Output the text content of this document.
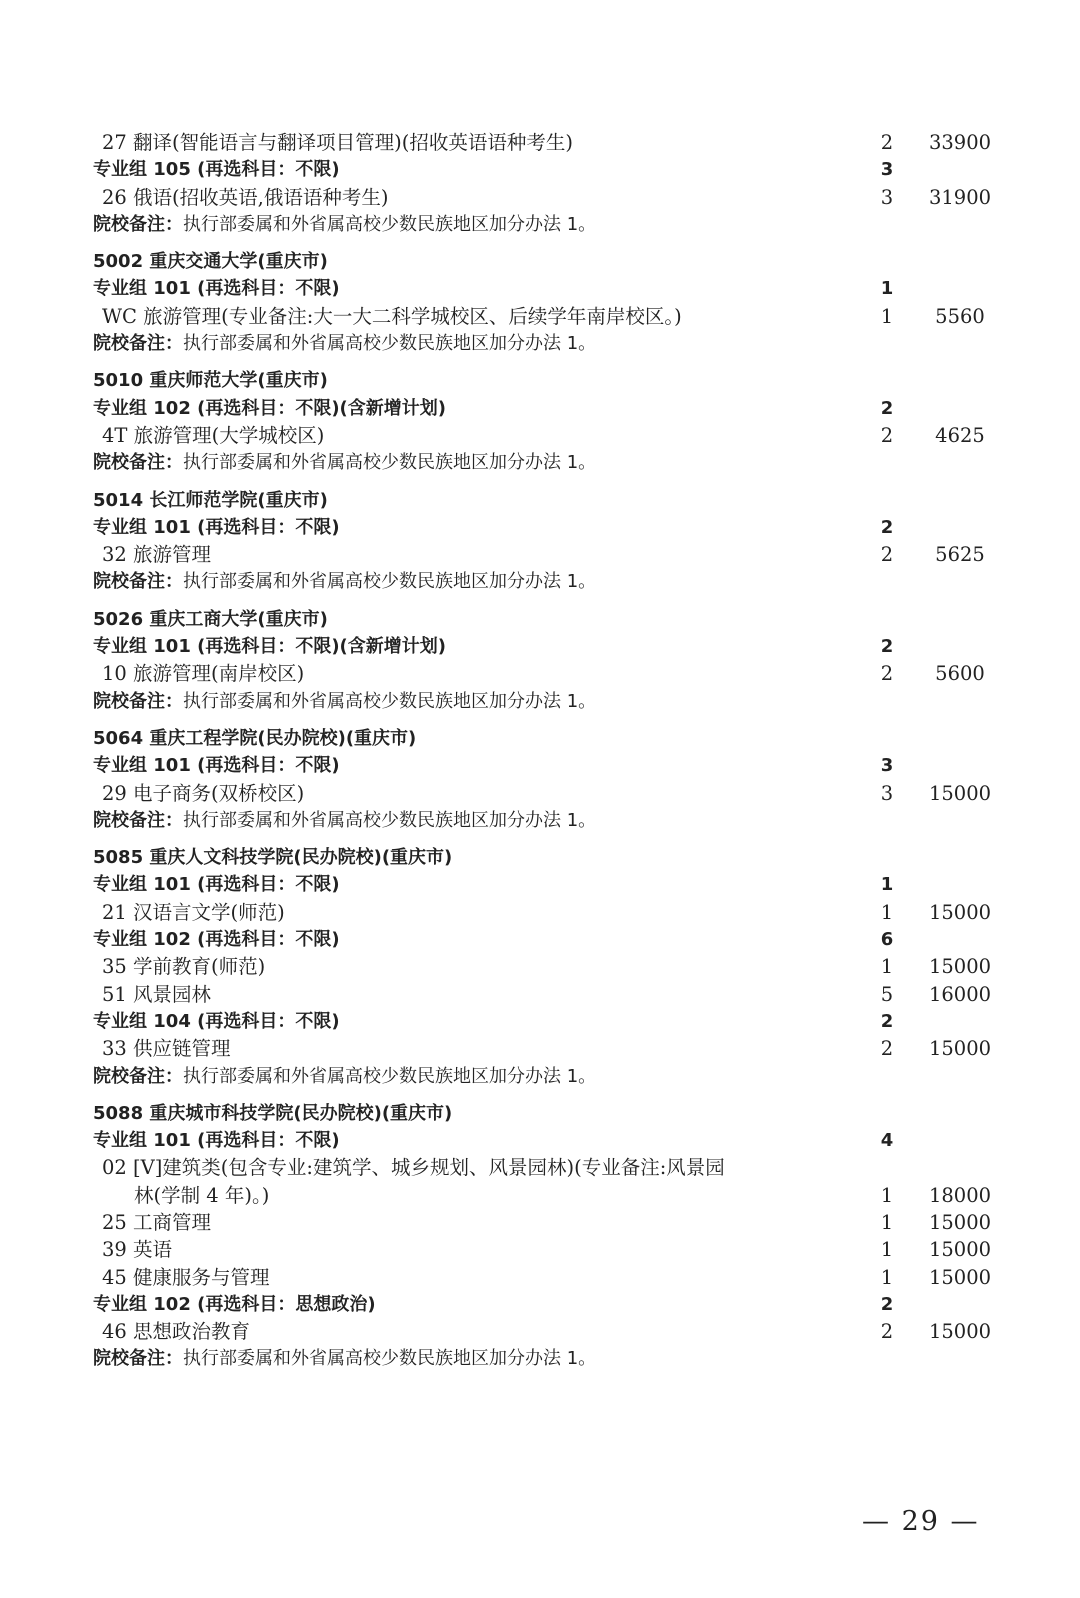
27 翻译(智能语言与翻译项目管理)(招收英语语种考生)	2	33900
专业组 105 (再选科目：不限)	3
26 俄语(招收英语,俄语语种考生)	3	31900
院校备注：执行部委属和外省属高校少数民族地区加分办法 1。
5002 重庆交通大学(重庆市)
专业组 101 (再选科目：不限)	1
WC 旅游管理(专业备注:大一大二科学城校区、后续学年南岸校区。)	1	5560
院校备注：执行部委属和外省属高校少数民族地区加分办法 1。
5010 重庆师范大学(重庆市)
专业组 102 (再选科目：不限)(含新增计划)	2
4T 旅游管理(大学城校区)	2	4625
院校备注：执行部委属和外省属高校少数民族地区加分办法 1。
5014 长江师范学院(重庆市)
专业组 101 (再选科目：不限)	2
32 旅游管理	2	5625
院校备注：执行部委属和外省属高校少数民族地区加分办法 1。
5026 重庆工商大学(重庆市)
专业组 101 (再选科目：不限)(含新增计划)	2
10 旅游管理(南岸校区)	2	5600
院校备注：执行部委属和外省属高校少数民族地区加分办法 1。
5064 重庆工程学院(民办院校)(重庆市)
专业组 101 (再选科目：不限)	3
29 电子商务(双桥校区)	3	15000
院校备注：执行部委属和外省属高校少数民族地区加分办法 1。
5085 重庆人文科技学院(民办院校)(重庆市)
专业组 101 (再选科目：不限)	1
21 汉语言文学(师范)	1	15000
专业组 102 (再选科目：不限)	6
35 学前教育(师范)	1	15000
51 风景园林	5	16000
专业组 104 (再选科目：不限)	2
33 供应链管理	2	15000
院校备注：执行部委属和外省属高校少数民族地区加分办法 1。
5088 重庆城市科技学院(民办院校)(重庆市)
专业组 101 (再选科目：不限)	4
02 [V]建筑类(包含专业:建筑学、城乡规划、风景园林)(专业备注:风景园
林(学制 4 年)。)	1	18000
25 工商管理	1	15000
39 英语	1	15000
45 健康服务与管理	1	15000
专业组 102 (再选科目：思想政治)	2
46 思想政治教育	2	15000
院校备注：执行部委属和外省属高校少数民族地区加分办法 1。
— 29 —
